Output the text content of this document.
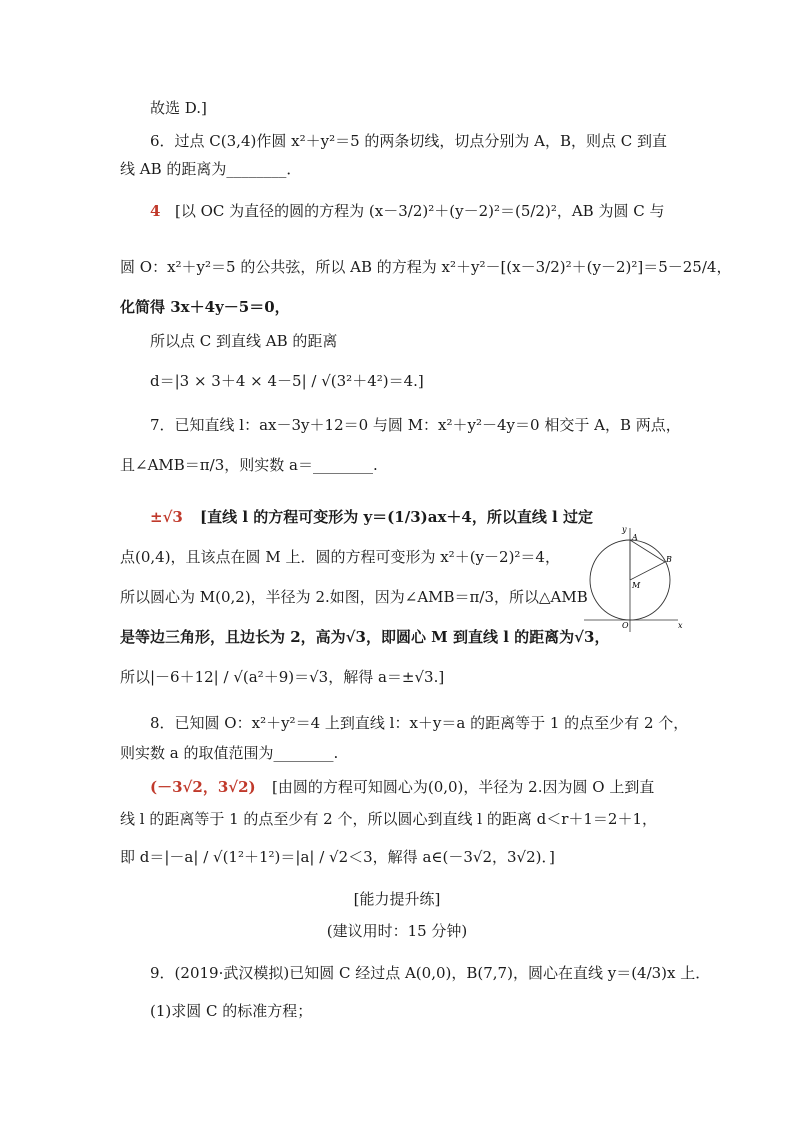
故选 D.]
6．过点 C(3,4)作圆 x²＋y²＝5 的两条切线，切点分别为 A，B，则点 C 到直
线 AB 的距离为________．
4 [以 OC 为直径的圆的方程为 (x－3/2)²＋(y－2)²＝(5/2)²，AB 为圆 C 与
圆 O：x²＋y²＝5 的公共弦，所以 AB 的方程为 x²＋y²－[(x－3/2)²＋(y－2)²]＝5－25/4，
化简得 3x＋4y－5＝0，
所以点 C 到直线 AB 的距离
d＝|3 × 3＋4 × 4－5| / √(3²＋4²)＝4.]
7．已知直线 l：ax－3y＋12＝0 与圆 M：x²＋y²－4y＝0 相交于 A，B 两点，
且∠AMB＝π/3，则实数 a＝________.
±√3 [直线 l 的方程可变形为 y＝(1/3)ax＋4，所以直线 l 过定
点(0,4)，且该点在圆 M 上．圆的方程可变形为 x²＋(y－2)²＝4，
所以圆心为 M(0,2)，半径为 2.如图，因为∠AMB＝π/3，所以△AMB
是等边三角形，且边长为 2，高为√3，即圆心 M 到直线 l 的距离为√3，
所以|－6＋12| / √(a²＋9)＝√3，解得 a＝±√3.]
y
x
A
B
M
O
8．已知圆 O：x²＋y²＝4 上到直线 l：x＋y＝a 的距离等于 1 的点至少有 2 个，
则实数 a 的取值范围为________.
(－3√2，3√2) [由圆的方程可知圆心为(0,0)，半径为 2.因为圆 O 上到直
线 l 的距离等于 1 的点至少有 2 个，所以圆心到直线 l 的距离 d＜r＋1＝2＋1，
即 d＝|－a| / √(1²＋1²)＝|a| / √2＜3，解得 a∈(－3√2，3√2)．]
[能力提升练]
(建议用时：15 分钟)
9．(2019·武汉模拟)已知圆 C 经过点 A(0,0)，B(7,7)，圆心在直线 y＝(4/3)x 上．
(1)求圆 C 的标准方程；
